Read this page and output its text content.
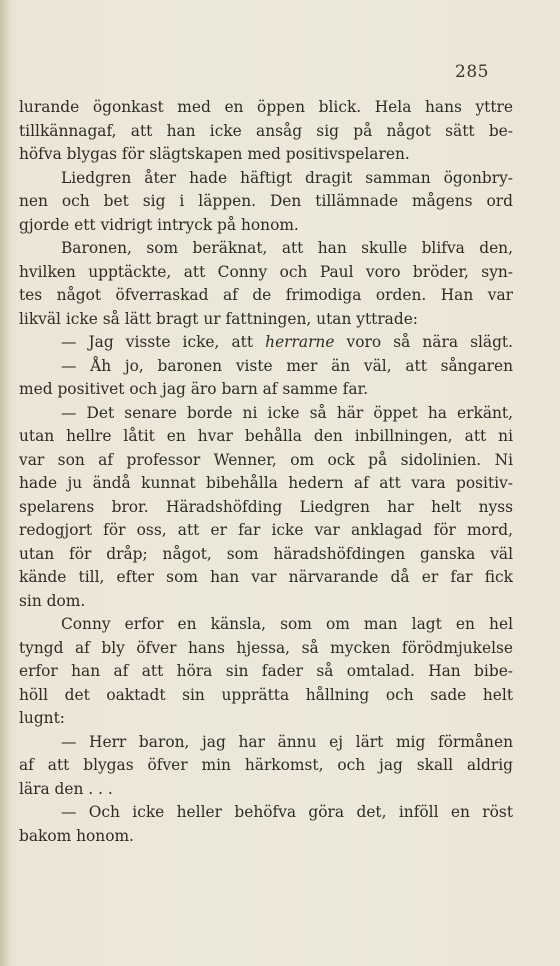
285
lurande ögonkast med en öppen blick. Hela hans yttre
tillkännagaf, att han icke ansåg sig på något sätt be-
höfva blygas för slägtskapen med positivspelaren.
Liedgren åter hade häftigt dragit samman ögonbry-
nen och bet sig i läppen. Den tillämnade mågens ord
gjorde ett vidrigt intryck på honom.
Baronen, som beräknat, att han skulle blifva den,
hvilken upptäckte, att Conny och Paul voro bröder, syn-
tes något öfverraskad af de frimodiga orden. Han var
likväl icke så lätt bragt ur fattningen, utan yttrade:
— Jag visste icke, att herrarne voro så nära slägt.
— Åh jo, baronen viste mer än väl, att sångaren
med positivet och jag äro barn af samme far.
— Det senare borde ni icke så här öppet ha erkänt,
utan hellre låtit en hvar behålla den inbillningen, att ni
var son af professor Wenner, om ock på sidolinien. Ni
hade ju ändå kunnat bibehålla hedern af att vara positiv-
spelarens bror. Häradshöfding Liedgren har helt nyss
redogjort för oss, att er far icke var anklagad för mord,
utan för dråp; något, som häradshöfdingen ganska väl
kände till, efter som han var närvarande då er far fick
sin dom.
Conny erfor en känsla, som om man lagt en hel
tyngd af bly öfver hans hjessa, så mycken förödmjukelse
erfor han af att höra sin fader så omtalad. Han bibe-
höll det oaktadt sin upprätta hållning och sade helt
lugnt:
— Herr baron, jag har ännu ej lärt mig förmånen
af att blygas öfver min härkomst, och jag skall aldrig
lära den . . .
— Och icke heller behöfva göra det, inföll en röst
bakom honom.
